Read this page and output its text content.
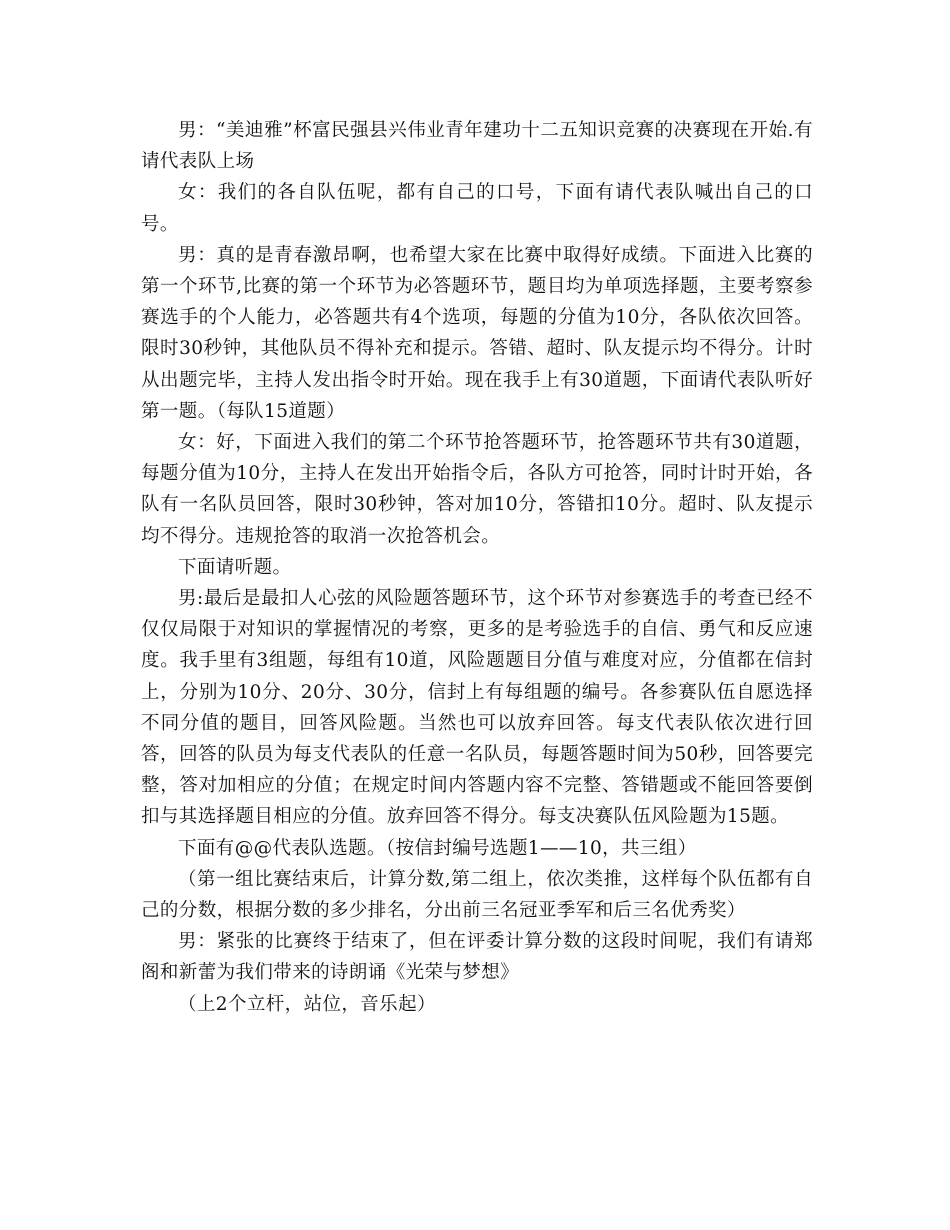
男：“美迪雅”杯富民强县兴伟业青年建功十二五知识竞赛的决赛现在开始.有请代表队上场

女：我们的各自队伍呢，都有自己的口号，下面有请代表队喊出自己的口号。

男：真的是青春激昂啊，也希望大家在比赛中取得好成绩。下面进入比赛的第一个环节,比赛的第一个环节为必答题环节，题目均为单项选择题，主要考察参赛选手的个人能力，必答题共有4个选项，每题的分值为10分，各队依次回答。限时30秒钟，其他队员不得补充和提示。答错、超时、队友提示均不得分。计时从出题完毕，主持人发出指令时开始。现在我手上有30道题，下面请代表队听好第一题。（每队15道题）

女：好，下面进入我们的第二个环节抢答题环节，抢答题环节共有30道题，每题分值为10分，主持人在发出开始指令后，各队方可抢答，同时计时开始，各队有一名队员回答，限时30秒钟，答对加10分，答错扣10分。超时、队友提示均不得分。违规抢答的取消一次抢答机会。

下面请听题。

男:最后是最扣人心弦的风险题答题环节，这个环节对参赛选手的考查已经不仅仅局限于对知识的掌握情况的考察，更多的是考验选手的自信、勇气和反应速度。我手里有3组题，每组有10道，风险题题目分值与难度对应，分值都在信封上，分别为10分、20分、30分，信封上有每组题的编号。各参赛队伍自愿选择不同分值的题目，回答风险题。当然也可以放弃回答。每支代表队依次进行回答，回答的队员为每支代表队的任意一名队员，每题答题时间为50秒，回答要完整，答对加相应的分值；在规定时间内答题内容不完整、答错题或不能回答要倒扣与其选择题目相应的分值。放弃回答不得分。每支决赛队伍风险题为15题。

下面有@@代表队选题。（按信封编号选题1——10，共三组）

（第一组比赛结束后，计算分数,第二组上，依次类推，这样每个队伍都有自己的分数，根据分数的多少排名，分出前三名冠亚季军和后三名优秀奖）

男：紧张的比赛终于结束了，但在评委计算分数的这段时间呢，我们有请郑阁和新蕾为我们带来的诗朗诵《光荣与梦想》

（上2个立杆，站位，音乐起）
